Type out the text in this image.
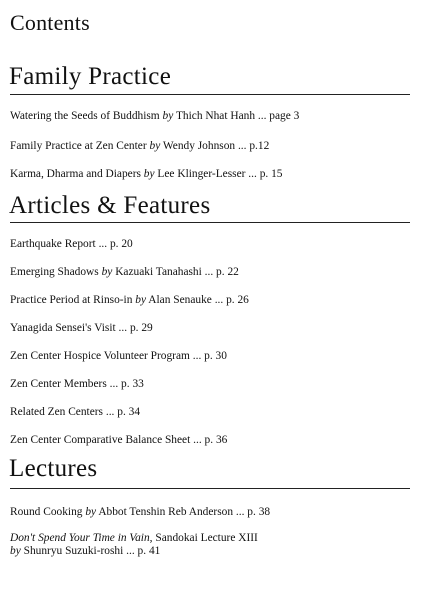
Contents
Family Practice
Watering the Seeds of Buddhism by Thich Nhat Hanh ... page 3
Family Practice at Zen Center by Wendy Johnson ... p.12
Karma, Dharma and Diapers by Lee Klinger-Lesser ... p. 15
Articles & Features
Earthquake Report ... p. 20
Emerging Shadows by Kazuaki Tanahashi ... p. 22
Practice Period at Rinso-in by Alan Senauke ... p. 26
Yanagida Sensei's Visit ... p. 29
Zen Center Hospice Volunteer Program ... p. 30
Zen Center Members ... p. 33
Related Zen Centers ... p. 34
Zen Center Comparative Balance Sheet ... p. 36
Lectures
Round Cooking by Abbot Tenshin Reb Anderson ... p. 38
Don't Spend Your Time in Vain, Sandokai Lecture XIII
by Shunryu Suzuki-roshi ... p. 41
